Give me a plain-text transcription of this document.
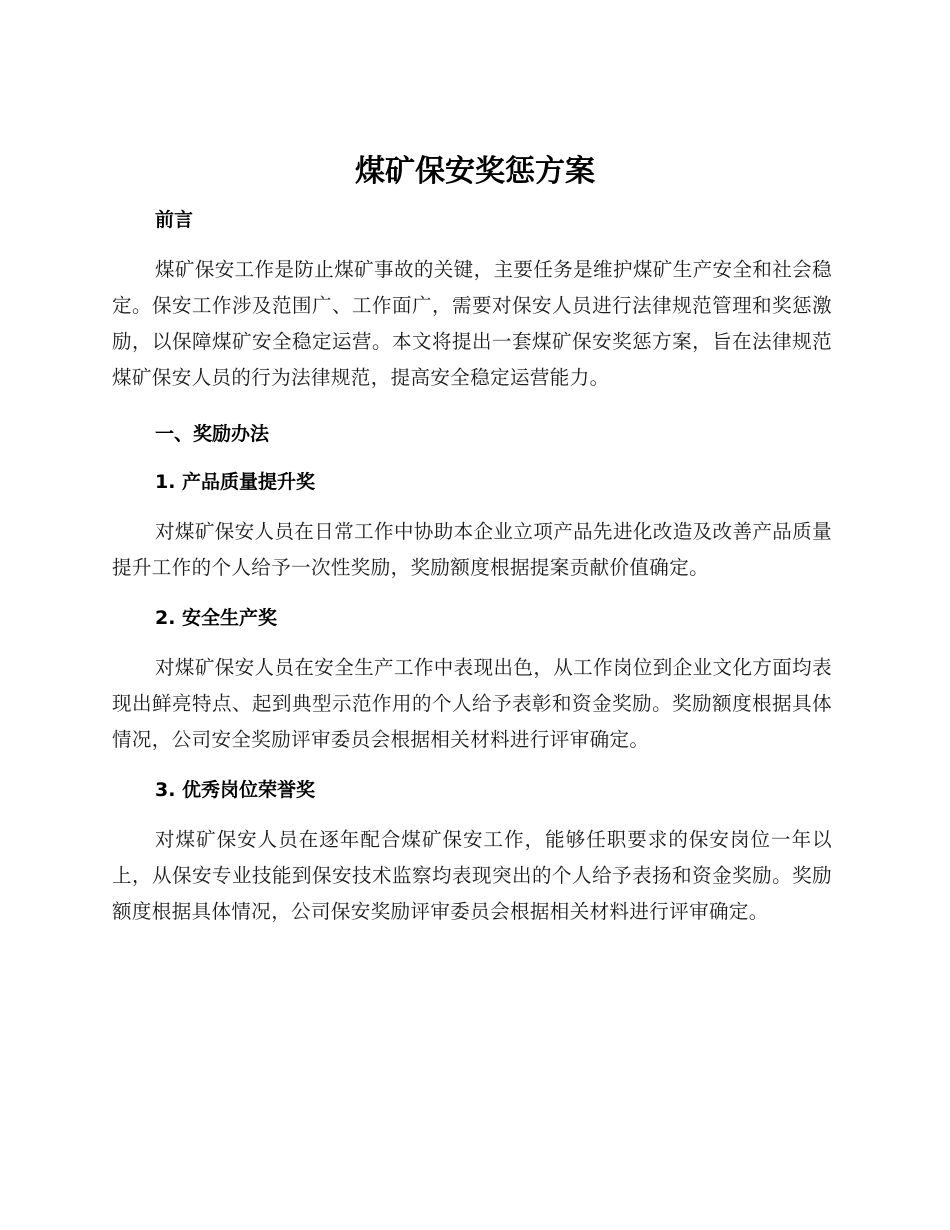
煤矿保安奖惩方案
前言

煤矿保安工作是防止煤矿事故的关键，主要任务是维护煤矿生产安全和社会稳定。保安工作涉及范围广、工作面广，需要对保安人员进行法律规范管理和奖惩激励，以保障煤矿安全稳定运营。本文将提出一套煤矿保安奖惩方案，旨在法律规范煤矿保安人员的行为法律规范，提高安全稳定运营能力。

一、奖励办法
1. 产品质量提升奖

对煤矿保安人员在日常工作中协助本企业立项产品先进化改造及改善产品质量提升工作的个人给予一次性奖励，奖励额度根据提案贡献价值确定。

2. 安全生产奖

对煤矿保安人员在安全生产工作中表现出色，从工作岗位到企业文化方面均表现出鲜亮特点、起到典型示范作用的个人给予表彰和资金奖励。奖励额度根据具体情况，公司安全奖励评审委员会根据相关材料进行评审确定。

3. 优秀岗位荣誉奖

对煤矿保安人员在逐年配合煤矿保安工作，能够任职要求的保安岗位一年以上，从保安专业技能到保安技术监察均表现突出的个人给予表扬和资金奖励。奖励额度根据具体情况，公司保安奖励评审委员会根据相关材料进行评审确定。
